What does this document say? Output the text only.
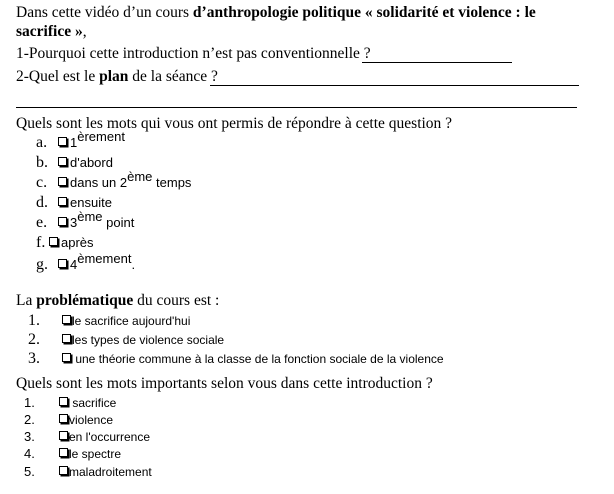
Dans cette vidéo d’un cours d’anthropologie politique « solidarité et violence : le
sacrifice »,
1-Pourquoi cette introduction n’est pas conventionnelle ?
2-Quel est le plan de la séance ?
Quels sont les mots qui vous ont permis de répondre à cette question ?
a. $1^{èrement}$
b. d'abord
c. dans un 2ème temps
d. ensuite
e. 3ème point
f. après
g. $4^{èmement}$.
La problématique du cours est :
1.	le sacrifice aujourd'hui
2.	les types de violence sociale
3.	une théorie commune à la classe de la fonction sociale de la violence
Quels sont les mots importants selon vous dans cette introduction ?
1.	sacrifice
2.	violence
3.	en l'occurrence
4.	le spectre
5.	maladroitement
